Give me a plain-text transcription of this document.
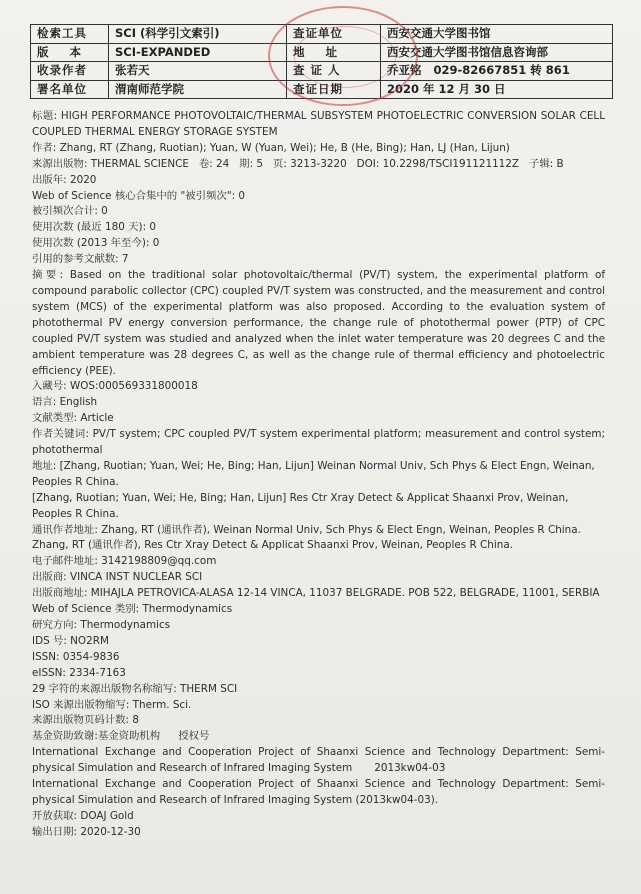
检索工具	SCI (科学引文索引)	查证单位	西安交通大学图书馆
版    本	SCI-EXPANDED	地    址	西安交通大学图书馆信息咨询部
收录作者	张若天	查 证 人	乔亚铭   029-82667851 转 861
署名单位	渭南师范学院	查证日期	2020 年 12 月 30 日

标题: HIGH PERFORMANCE PHOTOVOLTAIC/THERMAL SUBSYSTEM PHOTOELECTRIC CONVERSION SOLAR CELL COUPLED THERMAL ENERGY STORAGE SYSTEM

作者: Zhang, RT (Zhang, Ruotian); Yuan, W (Yuan, Wei); He, B (He, Bing); Han, LJ (Han, Lijun)

来源出版物: THERMAL SCIENCE   卷: 24   期: 5   页: 3213-3220   DOI: 10.2298/TSCI191121112Z   子辑: B

出版年: 2020

Web of Science 核心合集中的 "被引频次": 0

被引频次合计: 0

使用次数 (最近 180 天): 0

使用次数 (2013 年至今): 0

引用的参考文献数: 7

摘要: Based on the traditional solar photovoltaic/thermal (PV/T) system, the experimental platform of compound parabolic collector (CPC) coupled PV/T system was constructed, and the measurement and control system (MCS) of the experimental platform was also proposed. According to the evaluation system of photothermal PV energy conversion performance, the change rule of photothermal power (PTP) of CPC coupled PV/T system was studied and analyzed when the inlet water temperature was 20 degrees C and the ambient temperature was 28 degrees C, as well as the change rule of thermal efficiency and photoelectric efficiency (PEE).

入藏号: WOS:000569331800018

语言: English

文献类型: Article

作者关键词: PV/T system; CPC coupled PV/T system experimental platform; measurement and control system; photothermal

地址: [Zhang, Ruotian; Yuan, Wei; He, Bing; Han, Lijun] Weinan Normal Univ, Sch Phys & Elect Engn, Weinan, Peoples R China.

[Zhang, Ruotian; Yuan, Wei; He, Bing; Han, Lijun] Res Ctr Xray Detect & Applicat Shaanxi Prov, Weinan, Peoples R China.

通讯作者地址: Zhang, RT (通讯作者), Weinan Normal Univ, Sch Phys & Elect Engn, Weinan, Peoples R China. Zhang, RT (通讯作者), Res Ctr Xray Detect & Applicat Shaanxi Prov, Weinan, Peoples R China.

电子邮件地址: 3142198809@qq.com

出版商: VINCA INST NUCLEAR SCI

出版商地址: MIHAJLA PETROVICA-ALASA 12-14 VINCA, 11037 BELGRADE. POB 522, BELGRADE, 11001, SERBIA

Web of Science 类别: Thermodynamics

研究方向: Thermodynamics

IDS 号: NO2RM

ISSN: 0354-9836

eISSN: 2334-7163

29 字符的来源出版物名称缩写: THERM SCI

ISO 来源出版物缩写: Therm. Sci.

来源出版物页码计数: 8

基金资助致谢:基金资助机构 授权号

International Exchange and Cooperation Project of Shaanxi Science and Technology Department: Semi-physical Simulation and Research of Infrared Imaging System 2013kw04-03

International Exchange and Cooperation Project of Shaanxi Science and Technology Department: Semi-physical Simulation and Research of Infrared Imaging System (2013kw04-03).

开放获取: DOAJ Gold

输出日期: 2020-12-30
